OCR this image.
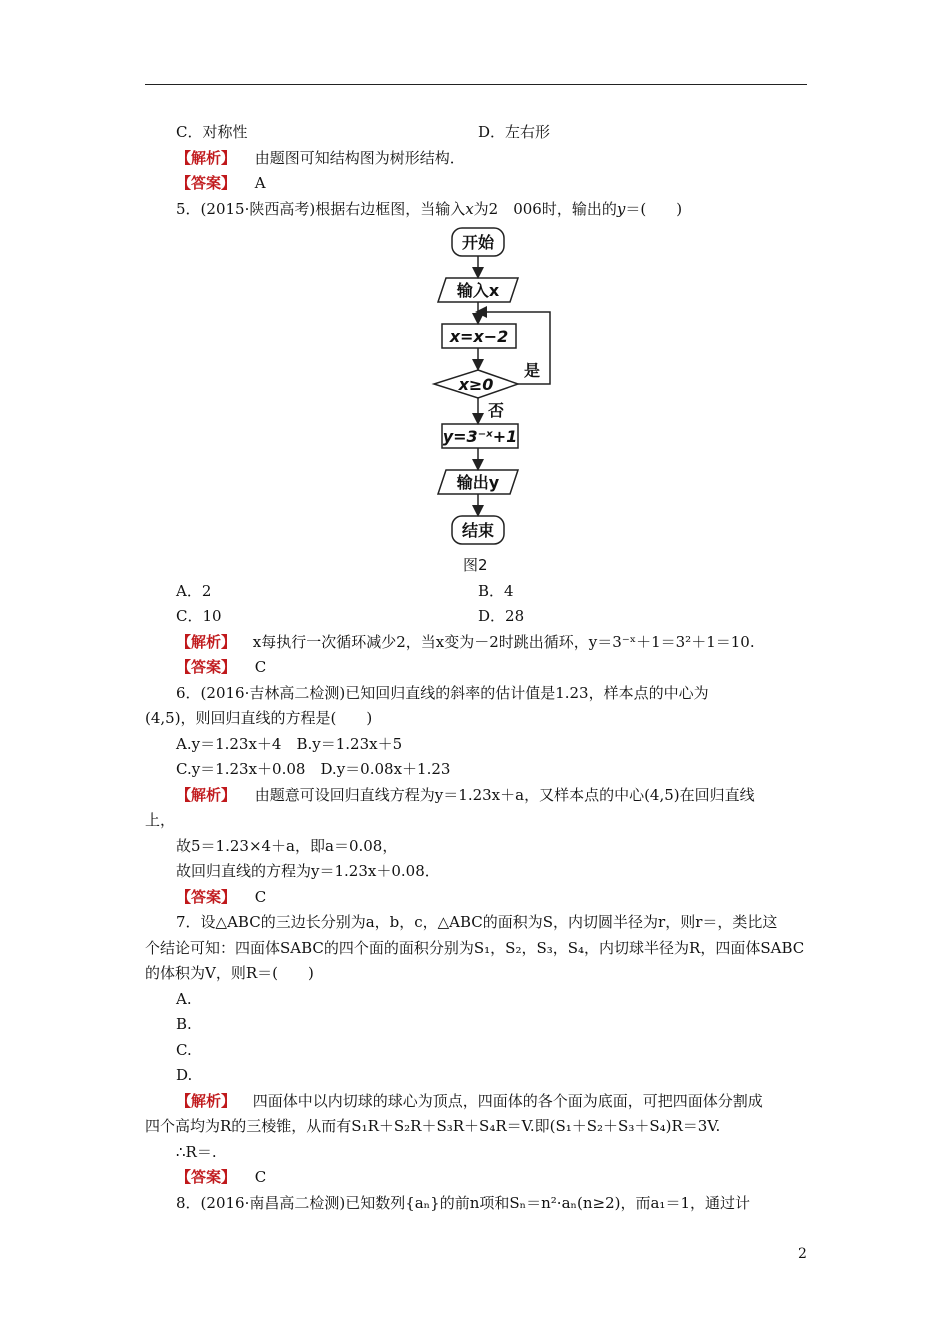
C．对称性	D．左右形
【解析】 由题图可知结构图为树形结构．
【答案】 A
5．(2015·陕西高考)根据右边框图，当输入x为2　006时，输出的y＝(　　)
开始
输入x
x=x−2
x≥0
是
否
y=3⁻ˣ+1
输出y
结束
图2
A．2	B．4
C．10	D．28
【解析】 x每执行一次循环减少2，当x变为－2时跳出循环，y＝3⁻ˣ＋1＝3²＋1＝10.
【答案】 C
6．(2016·吉林高二检测)已知回归直线的斜率的估计值是1.23，样本点的中心为
(4,5)，则回归直线的方程是(　　)
A.y＝1.23x＋4　B.y＝1.23x＋5
C.y＝1.23x＋0.08　D.y＝0.08x＋1.23
【解析】 由题意可设回归直线方程为y＝1.23x＋a，又样本点的中心(4,5)在回归直线
上，
故5＝1.23×4＋a，即a＝0.08，
故回归直线的方程为y＝1.23x＋0.08．
【答案】 C
7．设△ABC的三边长分别为a，b，c，△ABC的面积为S，内切圆半径为r，则r＝，类比这
个结论可知：四面体SABC的四个面的面积分别为S₁，S₂，S₃，S₄，内切球半径为R，四面体SABC
的体积为V，则R＝(　　)
A.
B.
C.
D.
【解析】 四面体中以内切球的球心为顶点，四面体的各个面为底面，可把四面体分割成
四个高均为R的三棱锥，从而有S₁R＋S₂R＋S₃R＋S₄R＝V.即(S₁＋S₂＋S₃＋S₄)R＝3V.
∴R＝.
【答案】 C
8．(2016·南昌高二检测)已知数列{aₙ}的前n项和Sₙ＝n²·aₙ(n≥2)，而a₁＝1，通过计
2
